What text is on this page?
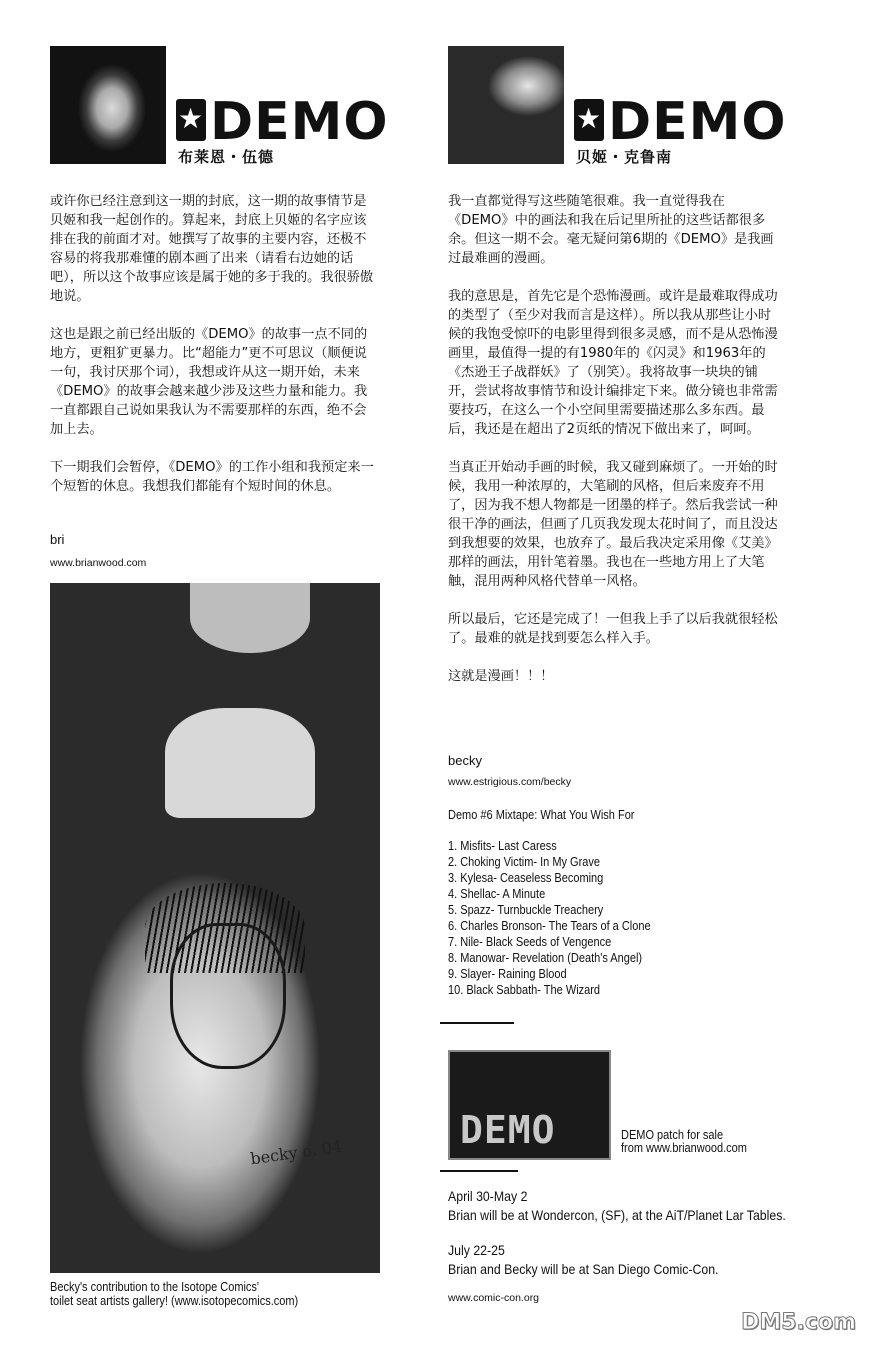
★DEMO
布莱恩・伍德

或许你已经注意到这一期的封底，这一期的故事情节是贝姬和我一起创作的。算起来，封底上贝姬的名字应该排在我的前面才对。她撰写了故事的主要内容，还极不容易的将我那难懂的剧本画了出来（请看右边她的话吧），所以这个故事应该是属于她的多于我的。我很骄傲地说。

这也是跟之前已经出版的《DEMO》的故事一点不同的地方，更粗犷更暴力。比“超能力”更不可思议（顺便说一句，我讨厌那个词），我想或许从这一期开始，未来《DEMO》的故事会越来越少涉及这些力量和能力。我一直都跟自己说如果我认为不需要那样的东西，绝不会加上去。

下一期我们会暂停，《DEMO》的工作小组和我预定来一个短暂的休息。我想我们都能有个短时间的休息。

bri
www.brianwood.com
becky o. 04
Becky's contribution to the Isotope Comics'
toilet seat artists gallery! (www.isotopecomics.com)
★DEMO
贝姬・克鲁南

我一直都觉得写这些随笔很难。我一直觉得我在《DEMO》中的画法和我在后记里所扯的这些话都很多余。但这一期不会。毫无疑问第6期的《DEMO》是我画过最难画的漫画。

我的意思是，首先它是个恐怖漫画。或许是最难取得成功的类型了（至少对我而言是这样）。所以我从那些让小时候的我饱受惊吓的电影里得到很多灵感，而不是从恐怖漫画里，最值得一提的有1980年的《闪灵》和1963年的《杰逊王子战群妖》了（别笑）。我将故事一块块的铺开，尝试将故事情节和设计编排定下来。做分镜也非常需要技巧，在这么一个小空间里需要描述那么多东西。最后，我还是在超出了2页纸的情况下做出来了，呵呵。

当真正开始动手画的时候，我又碰到麻烦了。一开始的时候，我用一种浓厚的，大笔刷的风格，但后来废弃不用了，因为我不想人物都是一团墨的样子。然后我尝试一种很干净的画法，但画了几页我发现太花时间了，而且没达到我想要的效果，也放弃了。最后我决定采用像《艾美》那样的画法，用针笔着墨。我也在一些地方用上了大笔触，混用两种风格代替单一风格。

所以最后，它还是完成了！一但我上手了以后我就很轻松了。最难的就是找到要怎么样入手。

这就是漫画！！！

becky
www.estrigious.com/becky
Demo #6 Mixtape: What You Wish For
1. Misfits- Last Caress
2. Choking Victim- In My Grave
3. Kylesa- Ceaseless Becoming
4. Shellac- A Minute
5. Spazz- Turnbuckle Treachery
6. Charles Bronson- The Tears of a Clone
7. Nile- Black Seeds of Vengence
8. Manowar- Revelation (Death's Angel)
9. Slayer- Raining Blood
10. Black Sabbath- The Wizard
DEMO	DEMO patch for sale
from www.brianwood.com
April 30-May 2
Brian will be at Wondercon, (SF), at the AiT/Planet Lar Tables.
July 22-25
Brian and Becky will be at San Diego Comic-Con.
www.comic-con.org
DM5.com
